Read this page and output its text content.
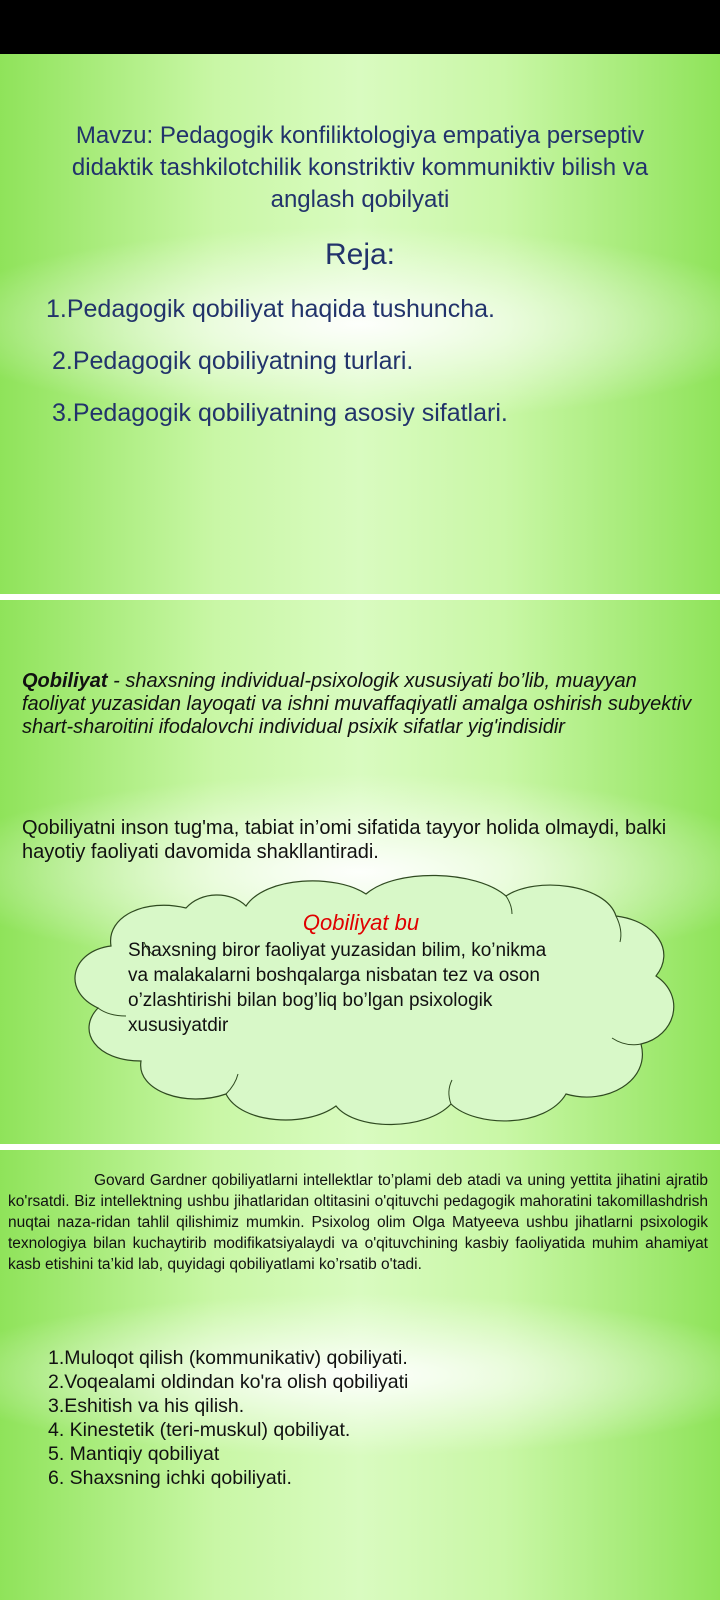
Mavzu: Pedagogik konfiliktologiya empatiya perseptiv didaktik tashkilotchilik konstriktiv kommuniktiv bilish va anglash qobilyati
Reja:
1.Pedagogik qobiliyat haqida tushuncha.
2.Pedagogik qobiliyatning turlari.
3.Pedagogik qobiliyatning asosiy sifatlari.
Qobiliyat - shaxsning individual-psixologik xususiyati bo’lib, muayyan faoliyat yuzasidan layoqati va ishni muvaffaqiyatli amalga oshirish subyektiv shart-sharoitini ifodalovchi individual psixik sifatlar yig'indisidir
Qobiliyatni inson tug'ma, tabiat in’omi sifatida tayyor holida olmaydi, balki hayotiy faoliyati davomida shakllantiradi.
Qobiliyat bu
Shaxsning biror faoliyat yuzasidan bilim, ko’nikma va malakalarni boshqalarga nisbatan tez va oson o’zlashtirishi bilan bog’liq bo’lgan psixologik xususiyatdir
Govard Gardner qobiliyatlarni intellektlar to’plami deb atadi va uning yettita jihatini ajratib ko'rsatdi. Biz intellektning ushbu jihatlaridan oltitasini o'qituvchi pedagogik mahoratini takomillashdrish nuqtai naza-ridan tahlil qilishimiz mumkin. Psixolog olim Olga Matyeeva ushbu jihatlarni psixologik texnologiya bilan kuchaytirib modifikatsiyalaydi va o'qituvchining kasbiy faoliyatida muhim ahamiyat kasb etishini ta’kid lab, quyidagi qobiliyatlami ko’rsatib o'tadi.
1.Muloqot qilish (kommunikativ) qobiliyati.
2.Voqealami oldindan ko'ra olish qobiliyati
3.Eshitish va his qilish.
4. Kinestetik (teri-muskul) qobiliyat.
5. Mantiqiy qobiliyat
6. Shaxsning ichki qobiliyati.
